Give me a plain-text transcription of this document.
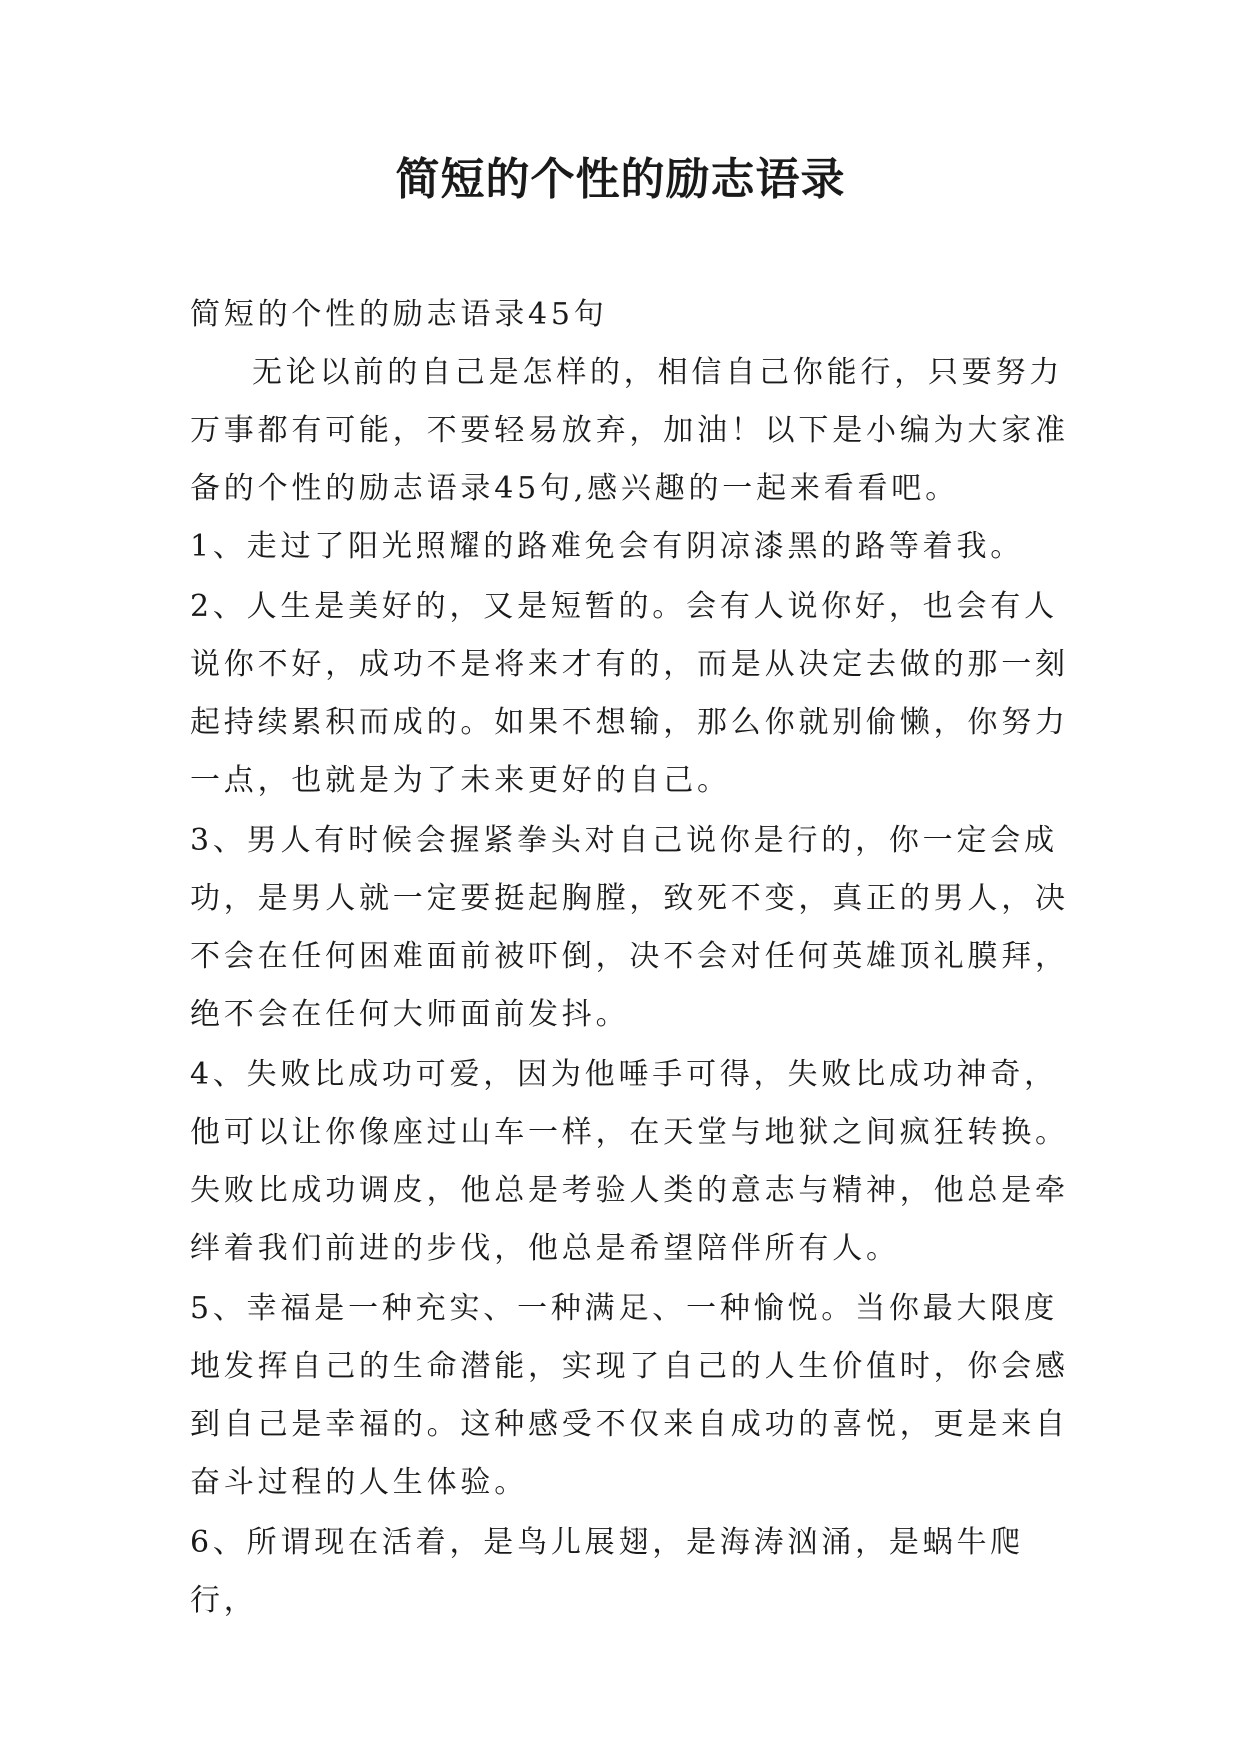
简短的个性的励志语录

简短的个性的励志语录45句

无论以前的自己是怎样的，相信自己你能行，只要努力万事都有可能，不要轻易放弃，加油！以下是小编为大家准备的个性的励志语录45句,感兴趣的一起来看看吧。

1、走过了阳光照耀的路难免会有阴凉漆黑的路等着我。

2、人生是美好的，又是短暂的。会有人说你好，也会有人说你不好，成功不是将来才有的，而是从决定去做的那一刻起持续累积而成的。如果不想输，那么你就别偷懒，你努力一点，也就是为了未来更好的自己。

3、男人有时候会握紧拳头对自己说你是行的，你一定会成功，是男人就一定要挺起胸膛，致死不变，真正的男人，决不会在任何困难面前被吓倒，决不会对任何英雄顶礼膜拜，绝不会在任何大师面前发抖。

4、失败比成功可爱，因为他唾手可得，失败比成功神奇，他可以让你像座过山车一样，在天堂与地狱之间疯狂转换。失败比成功调皮，他总是考验人类的意志与精神，他总是牵绊着我们前进的步伐，他总是希望陪伴所有人。

5、幸福是一种充实、一种满足、一种愉悦。当你最大限度地发挥自己的生命潜能，实现了自己的人生价值时，你会感到自己是幸福的。这种感受不仅来自成功的喜悦，更是来自奋斗过程的人生体验。

6、所谓现在活着，是鸟儿展翅，是海涛汹涌，是蜗牛爬行，
